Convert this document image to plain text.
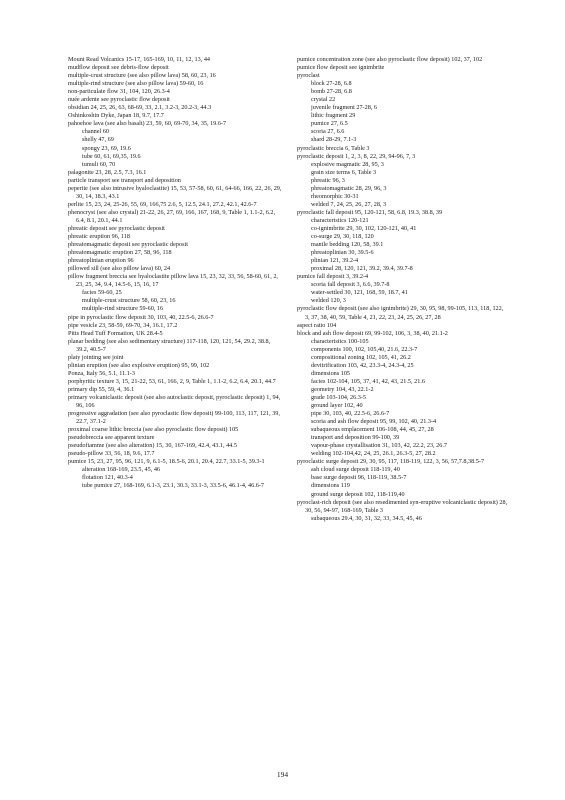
Mount Read Volcanics 15-17, 165-169, 10, 11, 12, 13, 44

mudflow deposit see debris-flow deposit

multiple-crust structure (see also pillow lava) 58, 60, 23, 16

multiple-rind structure (see also pillow lava) 59-60, 16

non-particulate flow 31, 104, 120, 26.3-4

nuée ardente see pyroclastic flow deposit

obsidian 24, 25, 26, 63, 68-69, 33, 2.1, 3.2-3, 20.2-3, 44.3

Oshinkoshin Dyke, Japan 18, 9.7, 17.7

pahoehoe lava (see also basalt) 23, 59, 60, 69-70, 34, 35, 19.6-7

channel 60

shelly 47, 69

spongy 23, 69, 19.6

tube 60, 61, 69,35, 19.6

tumuli 60, 70

palagonite 23, 28, 2.5, 7.3, 16.1

particle transport see transport and deposition

peperite (see also intrusive hyaloclastite) 15, 53, 57-58, 60, 61, 64-66, 166, 22, 26, 29, 30, 14, 18.3, 43.1

perlite 15, 23, 24, 25-26, 55, 69, 166,75 2.6, 5, 12.5, 24.1, 27.2, 42.1, 42.6-7

phenocryst (see also crystal) 21-22, 26, 27, 69, 166, 167, 168, 9, Table 1, 1.1-2, 6.2, 6.4, 8.1, 20.1, 44.1

phreatic deposit see pyroclastic deposit

phreatic eruption 96, 118

phreatomagmatic deposit see pyroclastic deposit

phreatomagmatic eruption 27, 58, 96, 118

phreatoplinian eruption 96

pillowed sill (see also pillow lava) 60, 24

pillow fragment breccia see hyaloclastite pillow lava 15, 23, 32, 33, 56, 58-60, 61, 2, 23, 25, 34, 9.4, 14.5-6, 15, 16, 17

facies 59-60, 25

multiple-crust structure 58, 60, 23, 16

multiple-rind structure 59-60, 16

pipe in pyroclastic flow deposit 30, 103, 40, 22.5-6, 26.6-7

pipe vesicle 23, 58-59, 69-70, 34, 16.1, 17.2

Pitts Head Tuff Formation, UK 28.4-5

planar bedding (see also sedimentary structure) 117-118, 120, 121, 54, 29.2, 38.8, 39.2, 40.5-7

platy jointing see joint

plinian eruption (see also explosive eruption) 95, 99, 102

Ponza, Italy 56, 5.1, 11.1-3

porphyritic texture 3, 15, 21-22, 53, 61, 166, 2, 9, Table 1, 1.1-2, 6.2, 6.4, 20.1, 44.7

primary dip 55, 59, 4, 36.1

primary volcaniclastic deposit (see also autoclastic deposit, pyroclastic deposit) 1, 94, 96, 106

progressive aggradation (see also pyroclastic flow deposit) 99-100, 113, 117, 121, 39, 22.7, 37.1-2

proximal coarse lithic breccia (see also pyroclastic flow deposit) 105

pseudobreccia see apparent texture

pseudofiamme (see also alteration) 15, 30, 167-169, 42.4, 43.1, 44.5

pseudo-pillow 33, 56, 18, 9.6, 17.7

pumice 15, 23, 27, 95, 96, 121, 9, 6.1-5, 18.5-6, 20.1, 20.4, 22.7, 33.1-5, 39.3-1

alteration 168-169, 23.5, 45, 46

flotation 121, 40.3-4

tube pumice 27, 168-169, 6.1-3, 23.1, 30.3, 33.1-3, 33.5-6, 46.1-4, 46.6-7

pumice concentration zone (see also pyroclastic flow deposit) 102, 37, 102

pumice flow deposit see ignimbrite

pyroclast

block 27-28, 6.8

bomb 27-28, 6.8

crystal 22

juvenile fragment 27-28, 6

lithic fragment 29

pumice 27, 6.5

scoria 27, 6.6

shard 28-29, 7.1-3

pyroclastic breccia 6, Table 3

pyroclastic deposit 1, 2, 3, 8, 22, 29, 94-96, 7, 3

explosive magmatic 28, 95, 3

grain size terms 6, Table 3

phreatic 96, 3

phreatomagmatic 28, 29, 96, 3

rheomorphic 30-31

welded 7, 24, 25, 26, 27, 28, 3

pyroclastic fall deposit 95, 120-121, 58, 6.8, 19.3, 38.8, 39

characteristics 120-121

co-ignimbrite 29, 30, 102, 120-121, 40, 41

co-surge 29, 30, 118, 120

mantle bedding 120, 58, 39.1

phreatoplinian 30, 39.5-6

plinian 121, 39.2-4

proximal 28, 120, 121, 39.2, 39.4, 39.7-8

pumice fall deposit 3, 39.2-4

scoria fall deposit 3, 6.6, 39.7-8

water-settled 30, 121, 168, 59, 18.7, 41

welded 120, 3

pyroclastic flow deposit (see also ignimbrite) 29, 30, 95, 98, 99-105, 113, 118, 122, 3, 37, 38, 40, 59, Table 4, 21, 22, 23, 24, 25, 26, 27, 28

aspect ratio 104

block and ash flow deposit 69, 99-102, 106, 3, 38, 40, 21.1-2

characteristics 100-105

components 100, 102, 105,40, 21.6, 22.3-7

compositional zoning 102, 105, 41, 26.2

devitrification 103, 42, 23.3-4, 24.3-4, 25

dimensions 105

facies 102-104, 105, 37, 41, 42, 43, 21.5, 21.6

geometry 104, 43, 22.1-2

grade 103-104, 26.3-5

ground layer 102, 40

pipe 30, 103, 40, 22.5-6, 26.6-7

scoria and ash flow deposit 95, 99, 102, 40, 21.3-4

subaqueous emplacement 106-108, 44, 45, 27, 28

transport and deposition 99-100, 39

vapour-phase crystallisation 31, 103, 42, 22.2, 23, 26.7

welding 102-104,42, 24, 25, 26.1, 26.3-5, 27, 28.2

pyroclastic surge deposit 29, 30, 95, 117, 118-119, 122, 3, 56, 57,7.8,38.5-7

ash cloud surge deposit 118-119, 40

base surge deposit 96, 118-119, 38.5-7

dimensions 119

ground surge deposit 102, 118-119,40

pyroclast-rich deposit (see also resedimented syn-eruptive volcaniclastic deposit) 28, 30, 56, 94-97, 168-169, Table 3

subaqueous 29.4, 30, 31, 32, 33, 34.5, 45, 46

194
